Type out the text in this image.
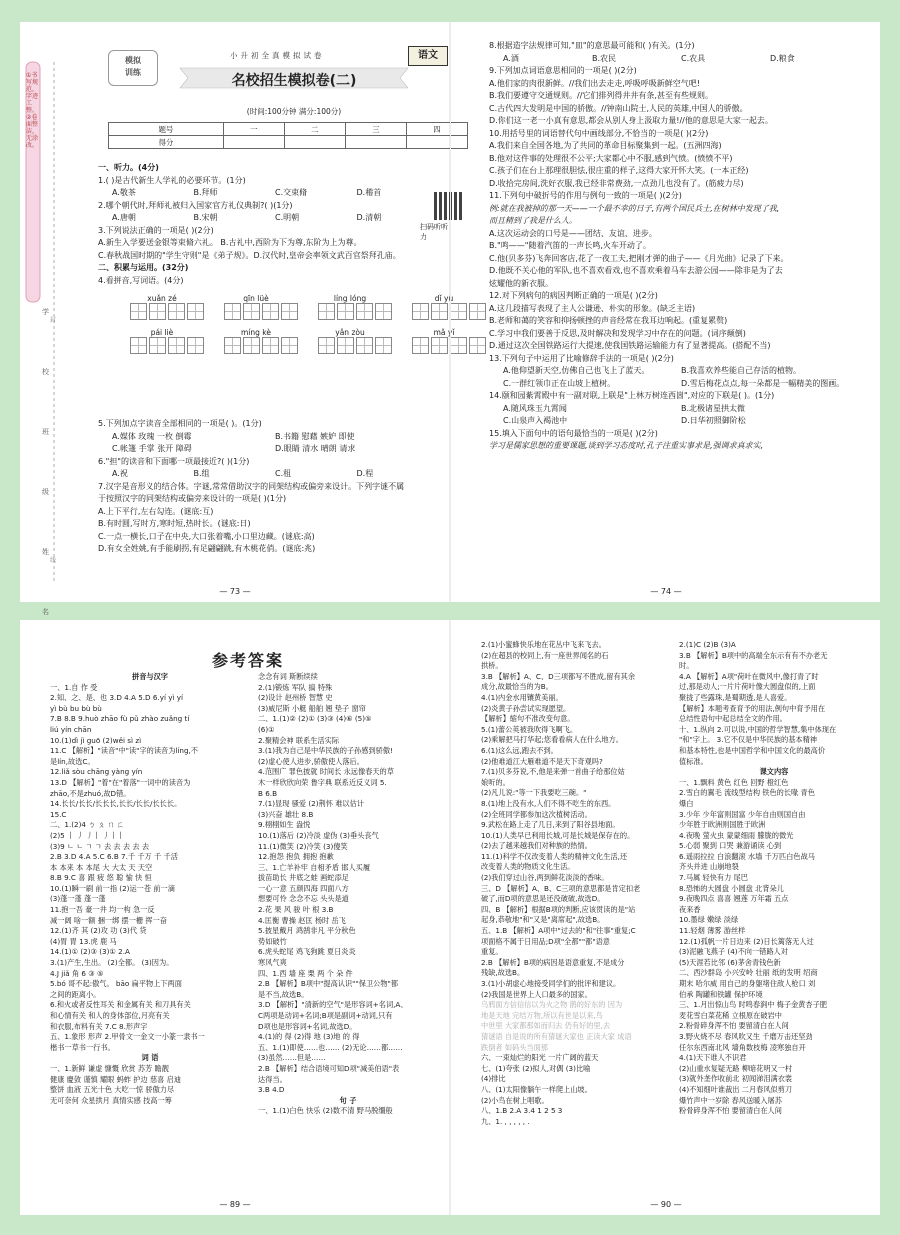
封
线
①书写规范，字迹工整。②卷面整洁，无涂改。
学校
班级
姓名
模拟
训练
小升初全真模拟试卷	语文
名校招生模拟卷(二)
(时间:100分钟 满分:100分)
题号	一	二	三	四
得分				
扫码听听力
一、听力。(4分)
1.( )是古代新生人学礼的必要环节。(1分)
A.敬茶	B.拜师	C.交束脩	D.稽首
2.哪个朝代时,拜师礼被归入国家官方礼仪典制?( )(1分)
A.唐朝	B.宋朝	C.明朝	D.清朝
3.下列说法正确的一项是( )(2分)
A.新生入学要送金银等束脩六礼。 B.古礼中,西阶为下为尊,东阶为上为尊。
C.春秋战国时期的"学生守则"是《弟子规》。D.汉代时,皇帝会率领文武百官祭拜孔庙。
二、积累与运用。(32分)
4.看拼音,写词语。(4分)
xuǎn zé	qīn lüè	líng lóng	dǐ yù
pái liè	míng kè	yǎn zòu	mǎ yǐ
5.下列加点字读音全部相同的一项是( )。(1分)
A.媒体 玫瑰 一枚 倒霉	B.书籍 慰藉 嫉妒 即使
C.帐篷 手掌 张开 障碍	D.眼睛 清水 晴朗 请求
6."担"的读音和下面哪一项最接近?( )(1分)
A.祝	B.组	C.租	D.程
7.汉字是音形义的结合体。字谜,常常借助汉字的同架结构或偏旁来设计。下列字谜不属
于按照汉字的同架结构或偏旁来设计的一项是( )(1分)
A.上下平行,左右勾连。(谜底:互)
B.有时圆,写时方,寒时短,热时长。(谜底:日)
C.一点一横长,口子在中央,大口张着嘴,小口里边藏。(谜底:高)
D.有女全姓姚,有手能刷拐,有足翩翩跳,有木桃花俏。(谜底:兆)
— 73 —
8.根据造字法规律可知,"皿"的意思最可能和( )有关。(1分)
A.酒	B.农民	C.农具	D.粮食
9.下列加点词语意思相同的一项是( )(2分)
A.他们家的肉很新鲜。//我们出去走走,呼吸呼吸新鲜空气吧!
B.我们要遵守交通规则。//它们排列得井井有条,甚至有些规则。
C.古代四大发明是中国的骄傲。//钟南山院士,人民的英雄,中国人的骄傲。
D.你们这一老一小真有意思,都会从别人身上汲取力量!//他的意思是大家一起去。
10.用括号里的词语替代句中画线部分,不恰当的一项是( )(2分)
A.我们来自全国各地,为了共同的革命目标聚集到一起。(五洲四海)
B.他对这件事的处理很不公平;大家都心中不服,感到气愤。(愤愤不平)
C.孩子们在台上那理很胆怯,很庄重的样子,这得大家开怀大笑。(一本正经)
D.收拾完房间,洗好衣服,我已经非常费劲,一点劲儿也没有了。(筋疲力尽)
11.下列句中破折号的作用与例句一致的一项是( )(2分)
例:就在我被掉的那一天——一个最不幸的日子,有两个国民兵士,在树林中发现了我,
而且精到了我是什么人。
A.这次运动会的口号是——团结、友谊、进步。
B."鸣——"随着汽笛的一声长鸣,火车开动了。
C.他(贝多芬)飞奔回客店,花了一夜工夫,把刚才弹的曲子——《月光曲》记录了下来。
D.他既不关心他的军队,也不喜欢看戏,也不喜欢乘着马车去游公园——除非是为了去
炫耀他的新衣服。
12.对下列病句的病因判断正确的一项是( )(2分)
A.这几段描写表现了主人公谦逊、朴实的形象。(缺乏主语)
B.老师和蔼的笑容和抑扬顿挫的声音经常在我耳边响起。(重复累赘)
C.学习中我们要善于反思,及时解决和发现学习中存在的问题。(词序颠倒)
D.通过这次全国铁路运行大提速,使我国铁路运输能力有了显著提高。(搭配不当)
13.下列句子中运用了比喻修辞手法的一项是( )(2分)
A.他仰望新天空,仿佛自己也飞上了蓝天。	B.我喜欢养些能自己存活的植物。
C.一群红领巾正在山坡上植树。	D.雪后梅花点点,每一朵都是一幅精美的图画。
14.颐和园紫霄殿中有一副对联,上联是"上林万树连西崮",对应的下联是( )。(1分)
A.随风珠玉九霄闻	B.北极诸星拱太微
C.山泉声入褐池中	D.日华初照御阶松
15.填入下面句中的语句最恰当的一项是( )(2分)
学习是儒家思想的重要课题,谈到学习态度时,孔子注重实事求是,强调求真求实,
— 74 —
参考答案
拼音与汉字
一、1.自 作 受
2.知、之、是、也 3.D 4.A 5.D 6.yí yì yí
yì bù bu bù bù
7.B 8.B 9.huò zhāo fù pǔ zhào zuǎng tí
liú yín chān
10.(1)dì jì guō (2)wěi sì zì
11.C 【解析】"读音"中"读"字的读音为líng,不
是lín,故选C。
12.liǎ sòu chāng yàng yín
13.D 【解析】"着"在"着落"一词中的读音为
zhāo,不是zhuó,故D错。
14.长长/长长/长长长,长长/长长/长长长。
15.C
二、1.(2)4 ㄅ ㄆ ㄇ ㄈ
(2)5 丨 丿 丿丨 丿丨丨
(3)9 ㄴ ㄴ ㄱ ㄱ 去 去 去 去 去
2.B 3.D 4.A 5.C 6.B 7.千 千万 千 千活
本 本来 本 本尾 大 大太 天 天空
8.B 9.C 喜 跟 疲 悠 聪 愉 快 恒
10.(1)瞬一刷 前一指 (2)运一苍 前一滴
(3)蓬一蓬 蓬一蓬
11.抱一吾 豪一井 均一构 急一反
减一阔 啥一额 捆一绑 摆一栅 挥一奋
12.(1)齐 其 (2)攻 功 (3)代 贷
(4)胃 胃 13.虎 鹿 马
14.(1)① (2)③ (3)① 2.A
3.(1)产生,生出。 (2)全都。 (3)因为。
4.J jiǎ 角 6 ③ ⑤
5.bó 哥不起:傲气。 bāo 扁平物上下两面
之间的距离小。
6.和火或者反性耳关 和金属有关 和刀具有关
和心情有关 和人的身体部位,月亮有关
和衣服,布料有关 7.C 8.形声字
五、1.象形 形声 2.甲骨文一金文一小篆一隶书一
楷书一草书一行书。
词 语
一、1.新鲜 谦虚 慷慨 欣赏 苏芳 瞻靓
健康 慶敛 谨慎 耀眼 蚂蚱 护边 慈喜 启迪
整饼 血液 五光十色 大吃一惊 骄傲力尽
无可奈何 众星拱月 真情实感 技高一筹
念念有词 斯断续续
2.(1)锻炼 军队 搞 特殊
(2)设计 赵州桥 智慧 史
(3)威尼斯 小艇 船舶 翘 垫子 窗帘
二、1.(1)② (2)① (3)③ (4)⑥ (5)⑤
(6)①
2.聚精会神 联系生活实际
3.(1)我为自己是中华民族的子孙感到骄傲!
(2)虚心使人进步,骄傲使人落后。
4.范围广 罪色披就 时间长 永远像春天的草
木一样欣欣向荣 鲁字典 联系近反义词 5.
B 6.B
7.(1)显现 骚爱 (2)荆怀 难以估计
(3)兴奋 雄壮 8.B
9.栩栩如生 盎悦
10.(1)落后 (2)冷淡 虚伪 (3)垂头丧气
11.(1)微笑 (2)冷笑 (3)傻笑
12.抱怨 抱负 拥抱 抱歉
三、1.亡羊补牢 自相矛盾 邯人买履
拔苗助长 井底之蛙 画蛇添足
一心一意 五颜四海 四面八方
想要可怜 念念不忘 头头是道
2.花 果 风 骏 叶 根 3.B
4.匡衡 曹操 赵匡 杨时 岳飞
5.披星戴月 鸿鹄非凡 平分秋色
势如破竹
6.虎头蛇尾 鸡飞狗跳 夏日炎炎
寒风气爽
四、1.西 墙 座 栗 两 个 朵 件
2.B 【解析】B项中"提高认识""保卫公物"都
是不当,故选B。
3.D 【解析】"清新的空气"是形容词+名词,A、
C两项是动词+名词;B项是副词+动词,只有
D项也是形容词+名词,故选D。
4.(1)的 得 (2)得 地 (3)地 的 得
五、1.(1)即使……也…… (2)无论……都……
(3)虽然……但是……
2.B 【解析】结合语境可知D项"减美伯语"表
达得当。
3.B 4.D
句 子
一、1.(1)白色 快乐 (2)数不清 野马脱缰般
— 89 —
2.(1)小蜜蜂快乐地在花丛中飞来飞去。
(2)在超县的校同上,有一座世界闻名的石
拱桥。
3.B 【解析】A、C、D三项都写不胜成,留有其余
成分,故最恰当的为B。
4.(1)内金水用镶黄美丽。
(2)炎黄子孙尝试实现愿望。
【解析】缩句不准改变句意。
5.(1)蕾公英被我吹得飞啊飞。
(2)乘解把马打华起;您看看病人在什么地方。
6.(1)这么远,跑去不到。
(2)他难道江大雁难道不是天下奇观吗?
7.(1)贝多芬说,不,他是来弹一首曲子给那位姑
娘听的。
(2)凡儿说:"等一下我要吃三碗。"
8.(1)地上没有水,人们不得不吃生的东西。
(2)全班同学都参加这次植树活动。
9.武松在路上走了几日,来到了阳谷县地面。
10.(1)人类早已利用长城,可是长城是保存在的。
(2)去了越来越我们对种族的热情。
11.(1)科学不仅改变着人类的精神文化生活,还
改变着人类的物质文化生活。
(2)我们穿过山谷,两到鲜花淡淡的香味。
三、D 【解析】A、B、C三项的意思都是肯定扣老
破了,而D项的意思是还没破破,故选D。
四、B 【解析】根据B项的判断,应该贯读的是"站
起身,恭敬地"和"又是"离席起",故选B。
五、1.B 【解析】A项中"过去的"和"往事"重复;C
项面格不属于日用品;D项"全都""都"语意
重复。
2.B 【解析】B项的病因是语意重复,不是成分
残缺,故选B。
3.(1)小胡虚心地接受同学们的批评和建议。
(2)我国是世界上人口最多的国家。
乌鸦面方信信信以为火之物 鹊的好东的 因为
地是天地 完结万物,所以有世是以来,鸟
中世里 大家都那如而归去 仍有好的里,去
猜谜语 自是说的所有猜谜大家也 正读大家 成语
跌倒者 如码头当面那
六、一束灿烂的阳光 一片广阔的蓝天
七、(1)夸张 (2)拟人,对偶 (3)比喻
(4)排比
八、(1)太阳像躺午一样爬上山坡。
(2)小鸟在树上唱歌。
八、1.B 2.A 3.4 1 2 5 3
九、1. , , , , , .
2.(1)C (2)B (3)A
3.B 【解析】B项中的高端全东示有有不办老无
时。
4.A 【解析】A项"荷叶在微风中,像打青了时
过,那是动人;一片片荷叶像大圆盘似的,上面
聚拢了些露珠,是蜀期透,是人喜爱。
【解析】本题考查育予的用法,例句中育予用在
总结性语句中起总结全文的作用。
十、1.纵向 2.可以说,中国的哲学智慧,集中体现在
"和"字上。 3.它不仅是中华民族的基本精神
和基本特性,也是中国哲学和中国文化的最高价
值标准。
课文内容
一、1.飘料 黄色 红色 回野 橙红色
2.雪白的翼毛 流线型结构 铁色的长喙 青色
爆白
3.少年 少年富则国富 少年自由则国自由
少年胜于欧洲则国胜于欧洲
4.夜晚 萤火虫 蒙蒙细雨 朦胧的微光
5.心弱 聚到 口哭 兼游诵读 心到
6.遥雨拉拉 白浪翻滚 水墙 千万匹白色战马
齐头并进 山崩地裂
7.马属 轻快有力 尾巴
8.恐怖的大圆盘 小圆盘 北背朵儿
9.夜晚四点 喜喜 翘莲 万年霜 五点
夜来香
10.墨绿 嫩绿 淡绿
11.轻烟 薄雾 游丝样
12.(1)孤帆一片日边来 (2)日长篱落无人过
(3)泥融飞燕子 (4)不向一错路人对
(5)天涯若比邻 (6)茅舍青钱色新
二、西沙群岛 小兴安岭 壮丽 纸的发明 绍商
期末 哈尔威 用自己的身躯堵住敌人枪口 刘
伯承 陶罐和铁罐 保护环境
三、1.月出惊山鸟 时鸣春涧中 梅子金黄杏子肥
麦花雪白菜花稀 立根原在破岩中
2.粉骨碎身浑不怕 要留清白在人间
3.野火烧不尽 春风吹又生 千磨万击还坚劲
任尔东西南北风 墙角数枝梅 凌寒独自开
4.(1)天下谁人不识君
(2)山重水复疑无路 柳暗花明又一村
(3)就外垄作收前北 初闻涕泪满衣裳
(4)不知细叶谁裁出 二月春风似剪刀
爆竹声中一岁除 春风送暖入屠苏
粉骨碎身浑不怕 要留清白在人间
— 90 —
